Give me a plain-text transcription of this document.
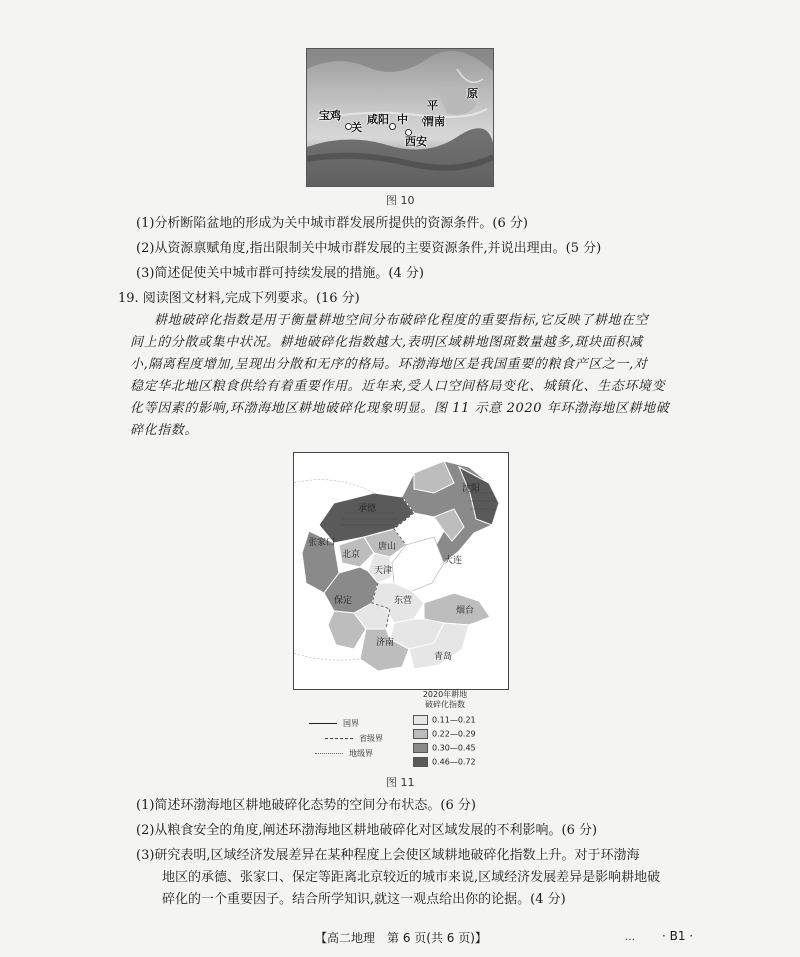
宝鸡
关
咸阳 中
西安
渭南
平
原
图 10
(1)分析断陷盆地的形成为关中城市群发展所提供的资源条件。(6 分)
(2)从资源禀赋角度,指出限制关中城市群发展的主要资源条件,并说出理由。(5 分)
(3)简述促使关中城市群可持续发展的措施。(4 分)
19. 阅读图文材料,完成下列要求。(16 分)
耕地破碎化指数是用于衡量耕地空间分布破碎化程度的重要指标,它反映了耕地在空
间上的分散或集中状况。耕地破碎化指数越大,表明区域耕地图斑数量越多,斑块面积减
小,隔离程度增加,呈现出分散和无序的格局。环渤海地区是我国重要的粮食产区之一,对
稳定华北地区粮食供给有着重要作用。近年来,受人口空间格局变化、城镇化、生态环境变
化等因素的影响,环渤海地区耕地破碎化现象明显。图 11 示意 2020 年环渤海地区耕地破
碎化指数。
沈阳
大连
承德
张家口
北京
唐山
天津
保定	东营
烟台
济南
青岛
2020年耕地
破碎化指数
0.11—0.21
0.22—0.29
0.30—0.45
0.46—0.72
国界
省级界
地级界
图 11
(1)简述环渤海地区耕地破碎化态势的空间分布状态。(6 分)
(2)从粮食安全的角度,阐述环渤海地区耕地破碎化对区域发展的不利影响。(6 分)
(3)研究表明,区域经济发展差异在某种程度上会使区域耕地破碎化指数上升。对于环渤海
地区的承德、张家口、保定等距离北京较近的城市来说,区域经济发展差异是影响耕地破
碎化的一个重要因子。结合所学知识,就这一观点给出你的论据。(4 分)
【高二地理　第 6 页(共 6 页)】	… · B1 ·
